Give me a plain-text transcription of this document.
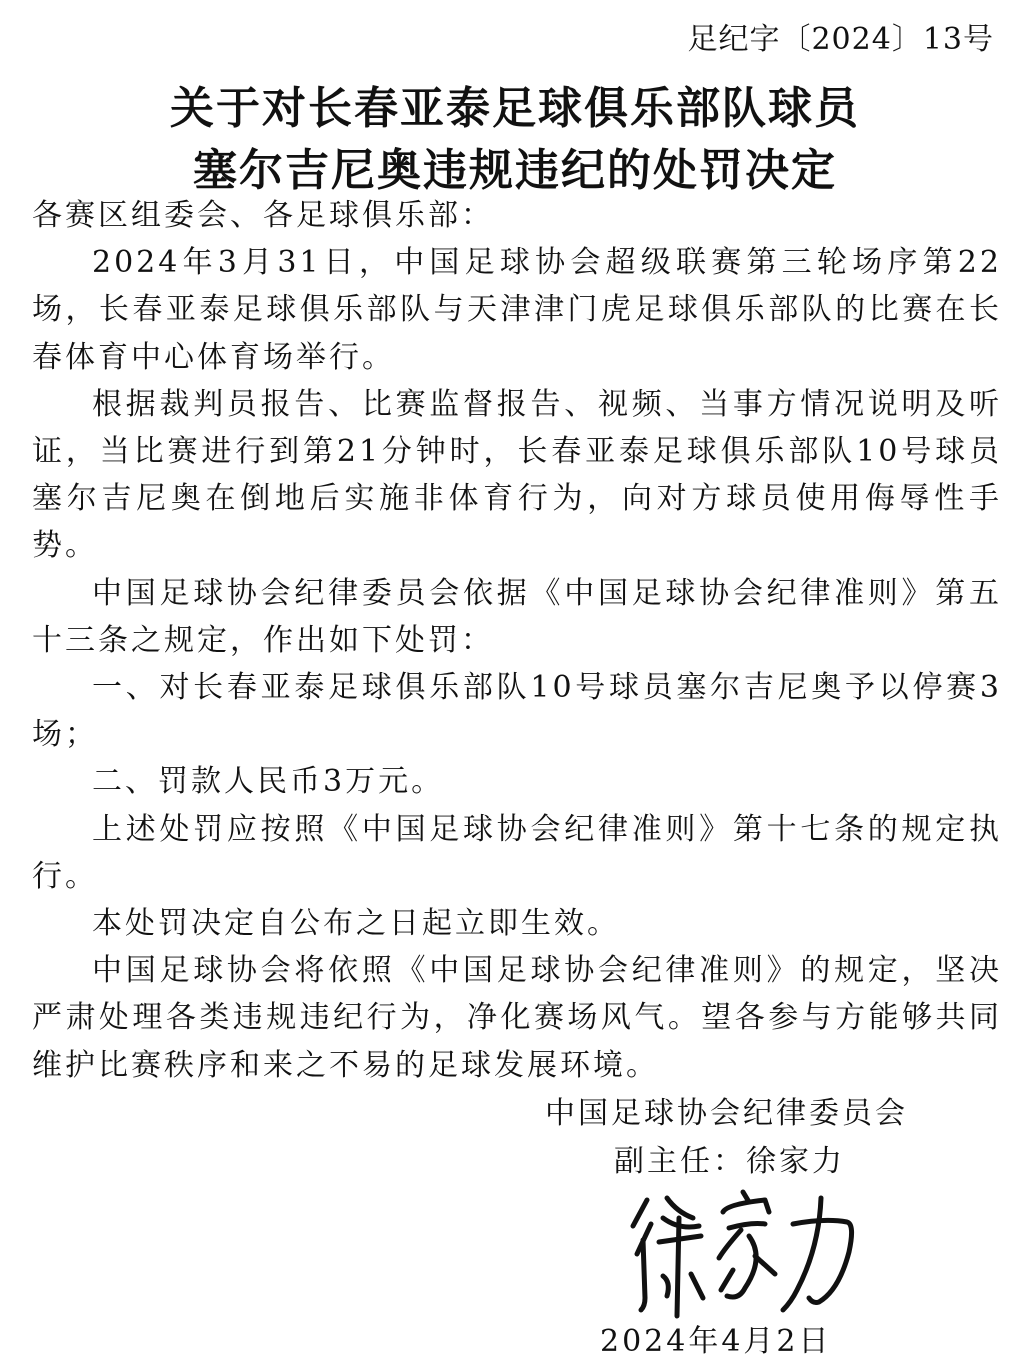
足纪字〔2024〕13号
关于对长春亚泰足球俱乐部队球员
塞尔吉尼奥违规违纪的处罚决定

各赛区组委会、各足球俱乐部：

2024年3月31日，中国足球协会超级联赛第三轮场序第22场，长春亚泰足球俱乐部队与天津津门虎足球俱乐部队的比赛在长春体育中心体育场举行。

根据裁判员报告、比赛监督报告、视频、当事方情况说明及听证，当比赛进行到第21分钟时，长春亚泰足球俱乐部队10号球员塞尔吉尼奥在倒地后实施非体育行为，向对方球员使用侮辱性手势。

中国足球协会纪律委员会依据《中国足球协会纪律准则》第五十三条之规定，作出如下处罚：

一、对长春亚泰足球俱乐部队10号球员塞尔吉尼奥予以停赛3场；

二、罚款人民币3万元。

上述处罚应按照《中国足球协会纪律准则》第十七条的规定执行。

本处罚决定自公布之日起立即生效。

中国足球协会将依照《中国足球协会纪律准则》的规定，坚决严肃处理各类违规违纪行为，净化赛场风气。望各参与方能够共同维护比赛秩序和来之不易的足球发展环境。

中国足球协会纪律委员会
副主任：徐家力
2024年4月2日
